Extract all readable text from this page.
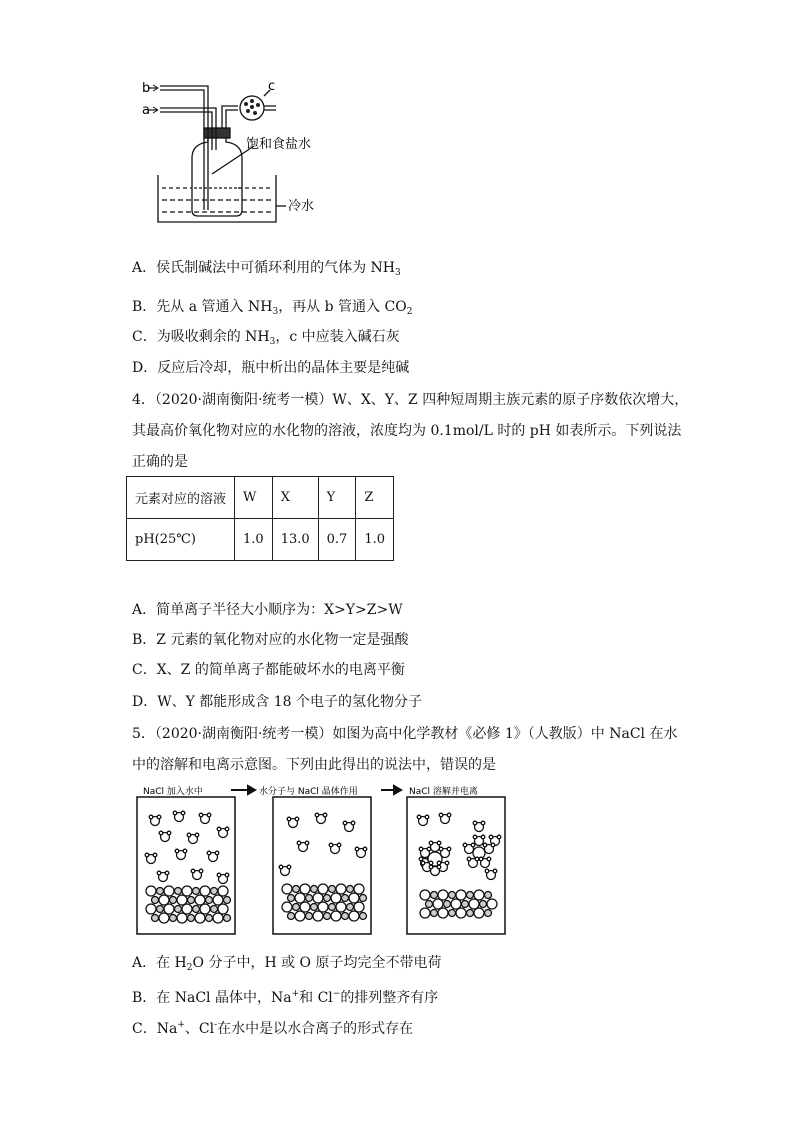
b
a
c
饱和食盐水
冷水
A．侯氏制碱法中可循环利用的气体为 $NH_3$
B．先从 a 管通入 $NH_3$，再从 b 管通入 $CO_2$
C．为吸收剩余的 $NH_3$，c 中应装入碱石灰
D．反应后冷却，瓶中析出的晶体主要是纯碱
4．（2020·湖南衡阳·统考一模）W、X、Y、Z 四种短周期主族元素的原子序数依次增大，
其最高价氧化物对应的水化物的溶液，浓度均为 0.1mol/L 时的 pH 如表所示。下列说法
正确的是
元素对应的溶液	W	X	Y	Z
pH(25℃)	1.0	13.0	0.7	1.0
A．简单离子半径大小顺序为：X>Y>Z>W
B．Z 元素的氧化物对应的水化物一定是强酸
C．X、Z 的简单离子都能破坏水的电离平衡
D．W、Y 都能形成含 18 个电子的氢化物分子
5．（2020·湖南衡阳·统考一模）如图为高中化学教材《必修 1》（人教版）中 NaCl 在水
中的溶解和电离示意图。下列由此得出的说法中，错误的是
NaCl 加入水中	水分子与 NaCl 晶体作用	NaCl 溶解并电离
A．在 $H_2O$ 分子中，H 或 O 原子均完全不带电荷
B．在 NaCl 晶体中，Na+和 Cl−的排列整齐有序
C．Na+、Cl-在水中是以水合离子的形式存在
